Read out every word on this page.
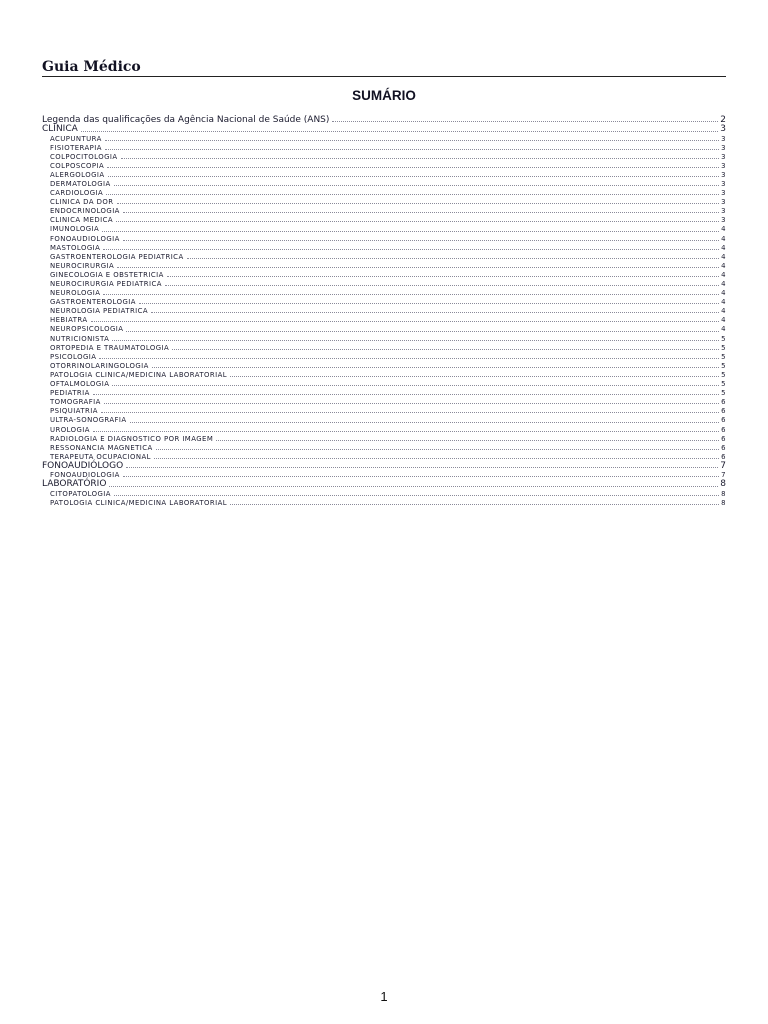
Guia Médico
SUMÁRIO
Legenda das qualificações da Agência Nacional de Saúde (ANS)	2
CLÍNICA	3
ACUPUNTURA	3
FISIOTERAPIA	3
COLPOCITOLOGIA	3
COLPOSCOPIA	3
ALERGOLOGIA	3
DERMATOLOGIA	3
CARDIOLOGIA	3
CLINICA DA DOR	3
ENDOCRINOLOGIA	3
CLINICA MEDICA	3
IMUNOLOGIA	4
FONOAUDIOLOGIA	4
MASTOLOGIA	4
GASTROENTEROLOGIA PEDIATRICA	4
NEUROCIRURGIA	4
GINECOLOGIA E OBSTETRICIA	4
NEUROCIRURGIA PEDIATRICA	4
NEUROLOGIA	4
GASTROENTEROLOGIA	4
NEUROLOGIA PEDIATRICA	4
HEBIATRA	4
NEUROPSICOLOGIA	4
NUTRICIONISTA	5
ORTOPEDIA E TRAUMATOLOGIA	5
PSICOLOGIA	5
OTORRINOLARINGOLOGIA	5
PATOLOGIA CLINICA/MEDICINA LABORATORIAL	5
OFTALMOLOGIA	5
PEDIATRIA	5
TOMOGRAFIA	6
PSIQUIATRIA	6
ULTRA-SONOGRAFIA	6
UROLOGIA	6
RADIOLOGIA E DIAGNOSTICO POR IMAGEM	6
RESSONANCIA MAGNETICA	6
TERAPEUTA OCUPACIONAL	6
FONOAUDIÓLOGO	7
FONOAUDIOLOGIA	7
LABORATÓRIO	8
CITOPATOLOGIA	8
PATOLOGIA CLINICA/MEDICINA LABORATORIAL	8
1
